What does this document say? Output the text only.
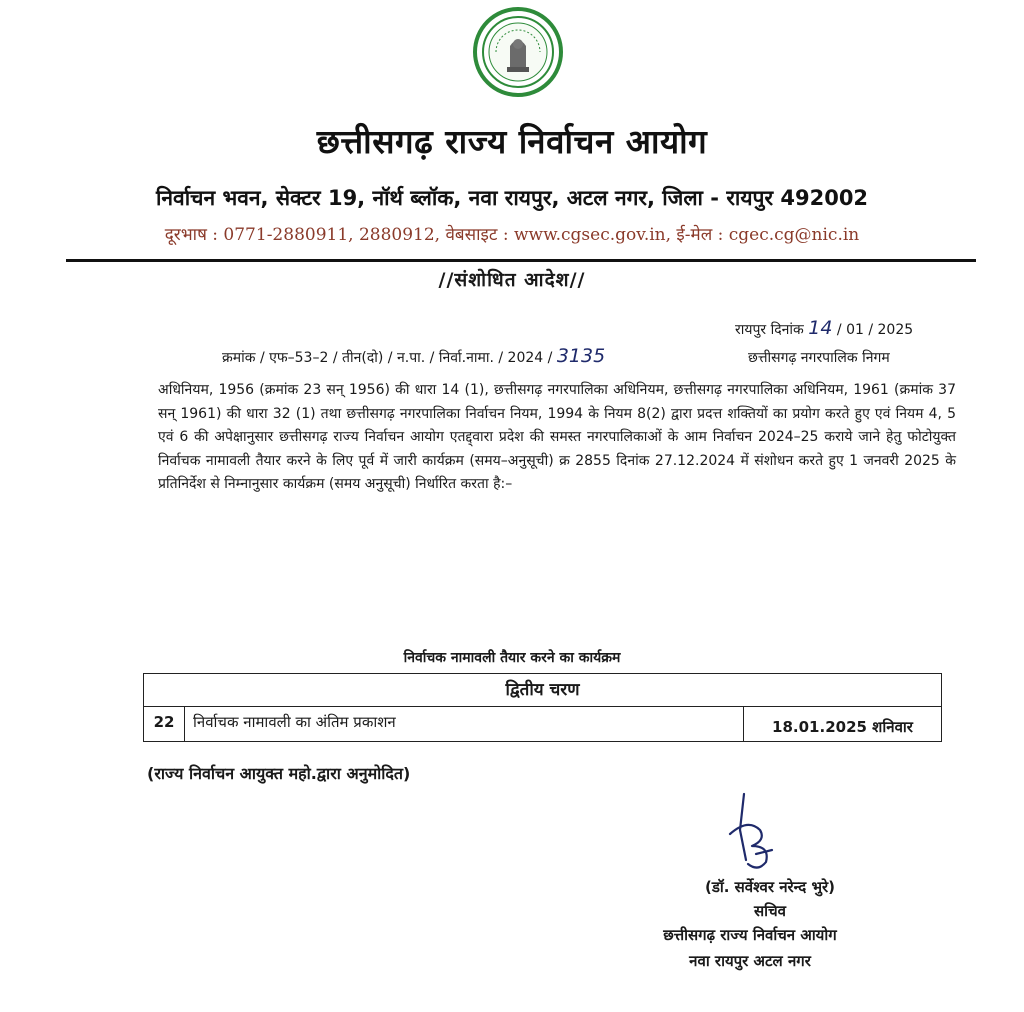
छत्तीसगढ़ राज्य निर्वाचन आयोग
निर्वाचन भवन, सेक्टर 19, नॉर्थ ब्लॉक, नवा रायपुर, अटल नगर, जिला - रायपुर 492002
दूरभाष : 0771-2880911, 2880912, वेबसाइट : www.cgsec.gov.in, ई-मेल : cgec.cg@nic.in
//संशोधित आदेश//
रायपुर दिनांक 14 / 01 / 2025
क्रमांक / एफ–53–2 / तीन(दो) / न.पा. / निर्वा.नामा. / 2024 / 3135	छत्तीसगढ़ नगरपालिक निगम
अधिनियम, 1956 (क्रमांक 23 सन् 1956) की धारा 14 (1), छत्तीसगढ़ नगरपालिका अधिनियम, छत्तीसगढ़ नगरपालिका अधिनियम, 1961 (क्रमांक 37 सन् 1961) की धारा 32 (1) तथा छत्तीसगढ़ नगरपालिका निर्वाचन नियम, 1994 के नियम 8(2) द्वारा प्रदत्त शक्तियों का प्रयोग करते हुए एवं नियम 4, 5 एवं 6 की अपेक्षानुसार छत्तीसगढ़ राज्य निर्वाचन आयोग एतद्द्वारा प्रदेश की समस्त नगरपालिकाओं के आम निर्वाचन 2024–25 कराये जाने हेतु फोटोयुक्त निर्वाचक नामावली तैयार करने के लिए पूर्व में जारी कार्यक्रम (समय–अनुसूची) क्र 2855 दिनांक 27.12.2024 में संशोधन करते हुए 1 जनवरी 2025 के प्रतिनिर्देश से निम्नानुसार कार्यक्रम (समय अनुसूची) निर्धारित करता है:–
निर्वाचक नामावली तैयार करने का कार्यक्रम
द्वितीय चरण
22	निर्वाचक नामावली का अंतिम प्रकाशन	18.01.2025 शनिवार
(राज्य निर्वाचन आयुक्त महो.द्वारा अनुमोदित)
(डॉ. सर्वेश्वर नरेन्द भुरे)
सचिव
छत्तीसगढ़ राज्य निर्वाचन आयोग
नवा रायपुर अटल नगर
